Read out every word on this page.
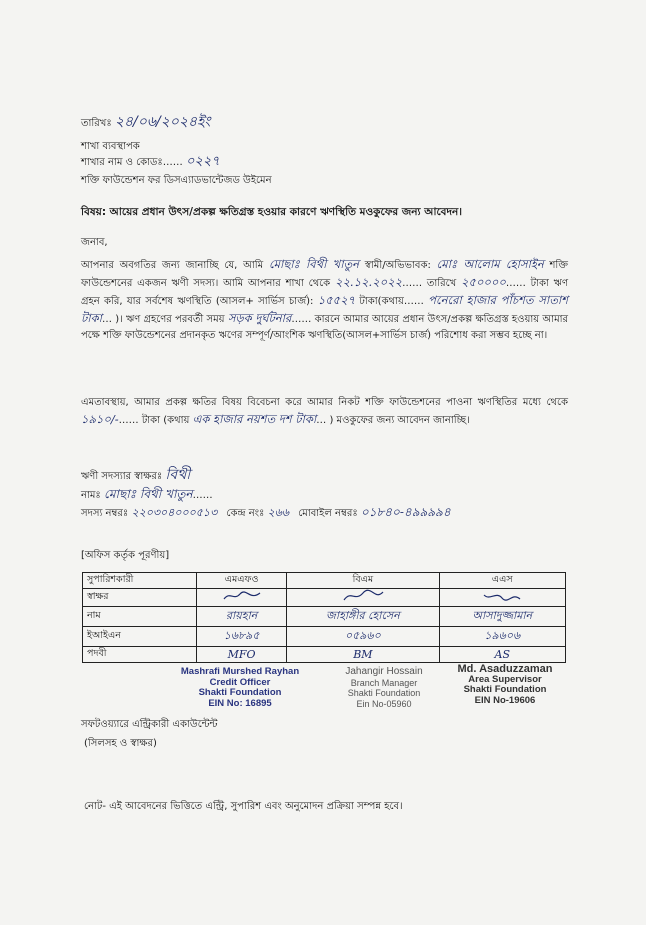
তারিখঃ ২৪/০৬/২০২৪ইং
শাখা ব্যবস্থাপক
শাখার নাম ও কোডঃ…… ০২২৭
শক্তি ফাউন্ডেশন ফর ডিসএ্যাডভান্টেজড উইমেন
বিষয়: আয়ের প্রধান উৎস/প্রকল্প ক্ষতিগ্রস্ত হওয়ার কারণে ঋণস্থিতি মওকুফের জন্য আবেদন।
জনাব,
আপনার অবগতির জন্য জানাচ্ছি যে, আমি মোছাঃ বিথী খাতুন স্বামী/অভিভাবক: মোঃ আলোম হোসাইন শক্তি ফাউন্ডেশনের একজন ঋণী সদস্য। আমি আপনার শাখা থেকে ২২.১২.২০২২…… তারিখে ২৫০০০০…… টাকা ঋণ গ্রহন করি, যার সর্বশেষ ঋণস্থিতি (আসল+ সার্ভিস চার্জ): ১৫৫২৭ টাকা(কথায়…… পনেরো হাজার পাঁচশত সাতাশ টাকা… )। ঋণ গ্রহণের পরবর্তী সময় সড়ক দুর্ঘটনার…… কারনে আমার আয়ের প্রধান উৎস/প্রকল্প ক্ষতিগ্রস্ত হওয়ায় আমার পক্ষে শক্তি ফাউন্ডেশনের প্রদানকৃত ঋণের সম্পূর্ণ/আংশিক ঋণস্থিতি(আসল+সার্ভিস চার্জ) পরিশোধ করা সম্ভব হচ্ছে না।
এমতাবস্থায়, আমার প্রকল্প ক্ষতির বিষয় বিবেচনা করে আমার নিকট শক্তি ফাউন্ডেশনের পাওনা ঋণস্থিতির মধ্যে থেকে ১৯১০/-…… টাকা (কথায় এক হাজার নয়শত দশ টাকা… ) মওকুফের জন্য আবেদন জানাচ্ছি।
ঋণী সদস্যার স্বাক্ষরঃ বিথী
নামঃ মোছাঃ বিথী খাতুন……
সদস্য নম্বরঃ ২২০৩০৪০০০৫১৩ কেন্দ্র নংঃ ২৬৬ মোবাইল নম্বরঃ ০১৮৪০-৪৯৯৯৯৪
[অফিস কর্তৃক পূরণীয়]
সুপারিশকারী	এমএফও	বিএম	এএস
স্বাক্ষর			
নাম	রায়হান	জাহাঙ্গীর হোসেন	আসাদুজ্জামান
ইআইএন	১৬৮৯৫	০৫৯৬০	১৯৬০৬
পদবী	MFO	BM	AS
Mashrafi Murshed Rayhan
Credit Officer
Shakti Foundation
EIN No: 16895
Jahangir Hossain
Branch Manager
Shakti Foundation
Ein No-05960
Md. Asaduzzaman
Area Supervisor
Shakti Foundation
EIN No-19606
সফটওয়্যারে এন্ট্রিকারী একাউন্টেন্ট
(সিলসহ ও স্বাক্ষর)
নোট- এই আবেদনের ভিত্তিতে এন্ট্রি, সুপারিশ এবং অনুমোদন প্রক্রিয়া সম্পন্ন হবে।
